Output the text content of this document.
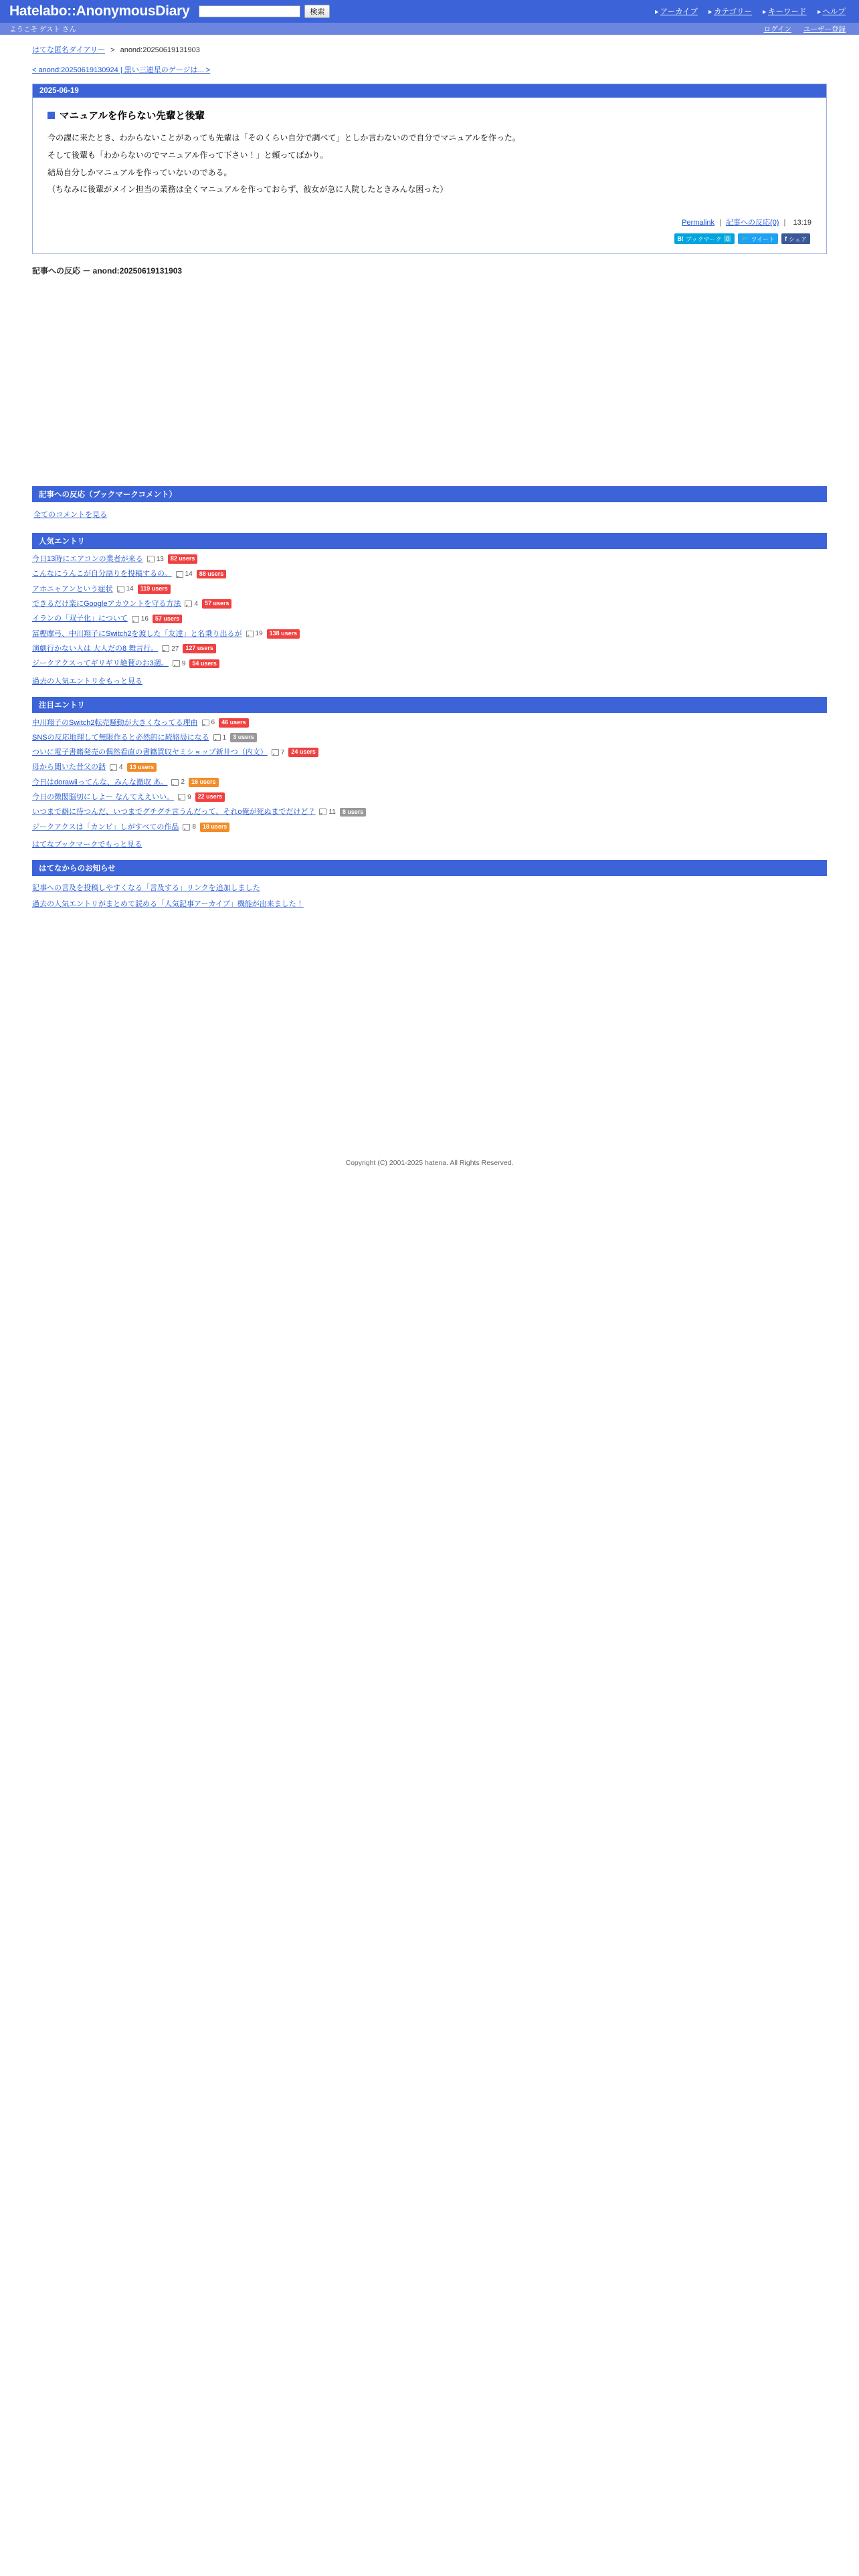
Hatelabo::AnonymousDiary	検索	アーカイブ	カテゴリー	キーワード	ヘルプ
ようこそ ゲスト さん	ログイン ユーザー登録
はてな匿名ダイアリー > anond:20250619131903
< anond:20250619130924 | 黒い三連星のゲージは... >
2025-06-19
マニュアルを作らない先輩と後輩

今の課に来たとき、わからないことがあっても先輩は「そのくらい自分で調べて」としか言わないので自分でマニュアルを作った。

そして後輩も「わからないのでマニュアル作って下さい！」と頼ってばかり。

結局自分しかマニュアルを作っていないのである。

（ちなみに後輩がメイン担当の業務は全くマニュアルを作っておらず、彼女が急に入院したときみんな困った）

Permalink | 記事への反応(0) | 13:19
B! ブックマーク 0	🐦 ツイート f シェア
記事への反応 － anond:20250619131903
記事への反応（ブックマークコメント）
全てのコメントを見る
人気エントリ
今日13時にエアコンの業者が来る 13	82 users
こんなにうんこが自分語りを投稿するの。 14	88 users
アホニャアンという症状 14	119 users
できるだけ楽にGoogleアカウントを守る方法 4	57 users
イランの「双子化」について 16	57 users
冨樫摩弓、中川翔子にSwitch2を渡した「友達」と名乗り出るが 19	138 users
演劇行かない人は 大人だの8 舞言行。 27	127 users
ジークアクスってギリギリ絶賛のお3週。 9	54 users
過去の人気エントリをもっと見る
注目エントリ
中川翔子のSwitch2転売騒動が大きくなってる理由 6	46 users
SNSの反応地理して無限作ると必然的に続絡局になる 1	3 users
ついに電子書籍発売の偶然看直の書籍買収ヤミショップ新井つ（内文） 7	24 users
母から聞いた昔父の話 4	13 users
今日はdorawiiってんな、みんな撤収 あ。 2	16 users
今日の微閣脳切にしよー なんてええいい。 9	22 users
いつまで癖に待つんだ、いつまでグチグチ言うんだって、それo俺が死ぬまでだけど？ 11	8 users
ジークアクスは「カンビ」しがすべての作品 8	18 users
はてなブックマークでもっと見る
はてなからのお知らせ
記事への言及を投稿しやすくなる「言及する」リンクを追加しました
過去の人気エントリがまとめて読める「人気記事アーカイブ」機能が出来ました！
Copyright (C) 2001-2025 hatena. All Rights Reserved.
